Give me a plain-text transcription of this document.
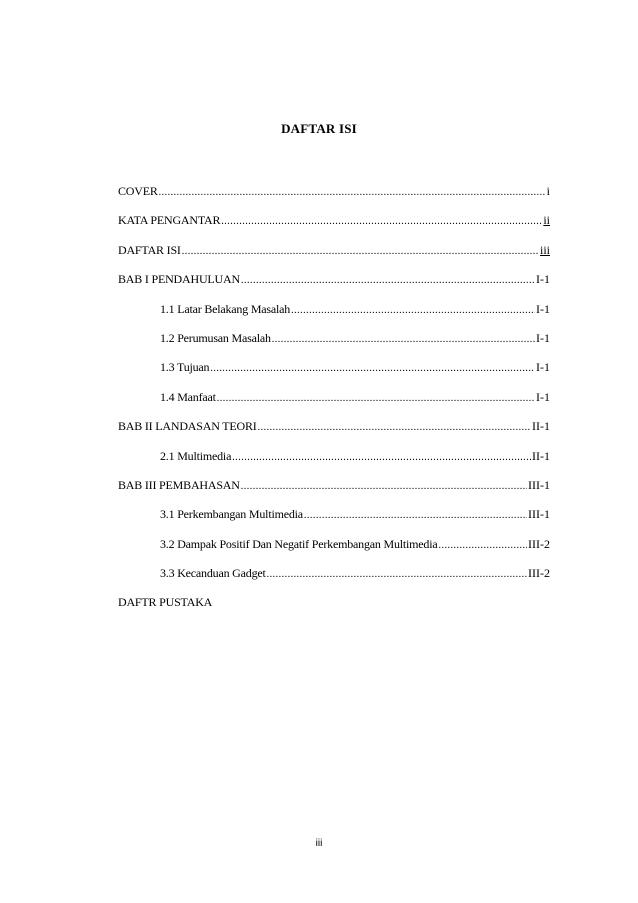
DAFTAR ISI
COVER .....	i
KATA PENGANTAR .....	ii
DAFTAR ISI .....	iii
BAB I PENDAHULUAN .....	I-1
1.1 Latar Belakang Masalah .....	I-1
1.2 Perumusan Masalah .....	I-1
1.3 Tujuan .....	I-1
1.4 Manfaat .....	I-1
BAB II LANDASAN TEORI .....	II-1
2.1 Multimedia .....	II-1
BAB III PEMBAHASAN .....	III-1
3.1 Perkembangan Multimedia .....	III-1
3.2 Dampak Positif Dan Negatif Perkembangan Multimedia .....	III-2
3.3 Kecanduan Gadget .....	III-2
DAFTR PUSTAKA
iii
